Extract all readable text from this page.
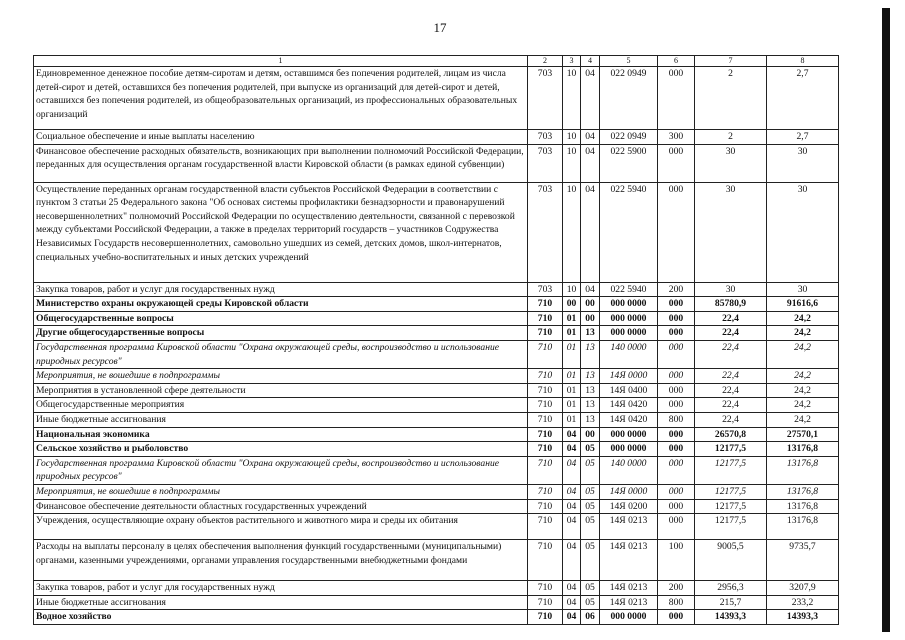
17
1	2	3	4	5	6	7	8
Единовременное денежное пособие детям-сиротам и детям, оставшимся без попечения родителей, лицам из числа детей-сирот и детей, оставшихся без попечения родителей, при выпуске из организаций для детей-сирот и детей, оставшихся без попечения родителей, из общеобразовательных организаций, из профессиональных образовательных организаций	703	10	04	022 0949	000	2	2,7
Социальное обеспечение и иные выплаты населению	703	10	04	022 0949	300	2	2,7
Финансовое обеспечение расходных обязательств, возникающих при выполнении полномочий Российской Федерации, переданных для осуществления органам государственной власти Кировской области (в рамках единой субвенции)	703	10	04	022 5900	000	30	30
Осуществление переданных органам государственной власти субъектов Российской Федерации в соответствии с пунктом 3 статьи 25 Федерального закона "Об основах системы профилактики безнадзорности и правонарушений несовершеннолетних" полномочий Российской Федерации по осуществлению деятельности, связанной с перевозкой между субъектами Российской Федерации, а также в пределах территорий государств – участников Содружества Независимых Государств несовершеннолетних, самовольно ушедших из семей, детских домов, школ-интернатов, специальных учебно-воспитательных и иных детских учреждений	703	10	04	022 5940	000	30	30
Закупка товаров, работ и услуг для государственных нужд	703	10	04	022 5940	200	30	30
Министерство охраны окружающей среды Кировской области	710	00	00	000 0000	000	85780,9	91616,6
Общегосударственные вопросы	710	01	00	000 0000	000	22,4	24,2
Другие общегосударственные вопросы	710	01	13	000 0000	000	22,4	24,2
Государственная программа Кировской области "Охрана окружающей среды, воспроизводство и использование природных ресурсов"	710	01	13	140 0000	000	22,4	24,2
Мероприятия, не вошедшие в подпрограммы	710	01	13	14Я 0000	000	22,4	24,2
Мероприятия в установленной сфере деятельности	710	01	13	14Я 0400	000	22,4	24,2
Общегосударственные мероприятия	710	01	13	14Я 0420	000	22,4	24,2
Иные бюджетные ассигнования	710	01	13	14Я 0420	800	22,4	24,2
Национальная экономика	710	04	00	000 0000	000	26570,8	27570,1
Сельское хозяйство и рыболовство	710	04	05	000 0000	000	12177,5	13176,8
Государственная программа Кировской области "Охрана окружающей среды, воспроизводство и использование природных ресурсов"	710	04	05	140 0000	000	12177,5	13176,8
Мероприятия, не вошедшие в подпрограммы	710	04	05	14Я 0000	000	12177,5	13176,8
Финансовое обеспечение деятельности областных государственных учреждений	710	04	05	14Я 0200	000	12177,5	13176,8
Учреждения, осуществляющие охрану объектов растительного и животного мира и среды их обитания	710	04	05	14Я 0213	000	12177,5	13176,8
Расходы на выплаты персоналу в целях обеспечения выполнения функций государственными (муниципальными) органами, казенными учреждениями, органами управления государственными внебюджетными фондами	710	04	05	14Я 0213	100	9005,5	9735,7
Закупка товаров, работ и услуг для государственных нужд	710	04	05	14Я 0213	200	2956,3	3207,9
Иные бюджетные ассигнования	710	04	05	14Я 0213	800	215,7	233,2
Водное хозяйство	710	04	06	000 0000	000	14393,3	14393,3
